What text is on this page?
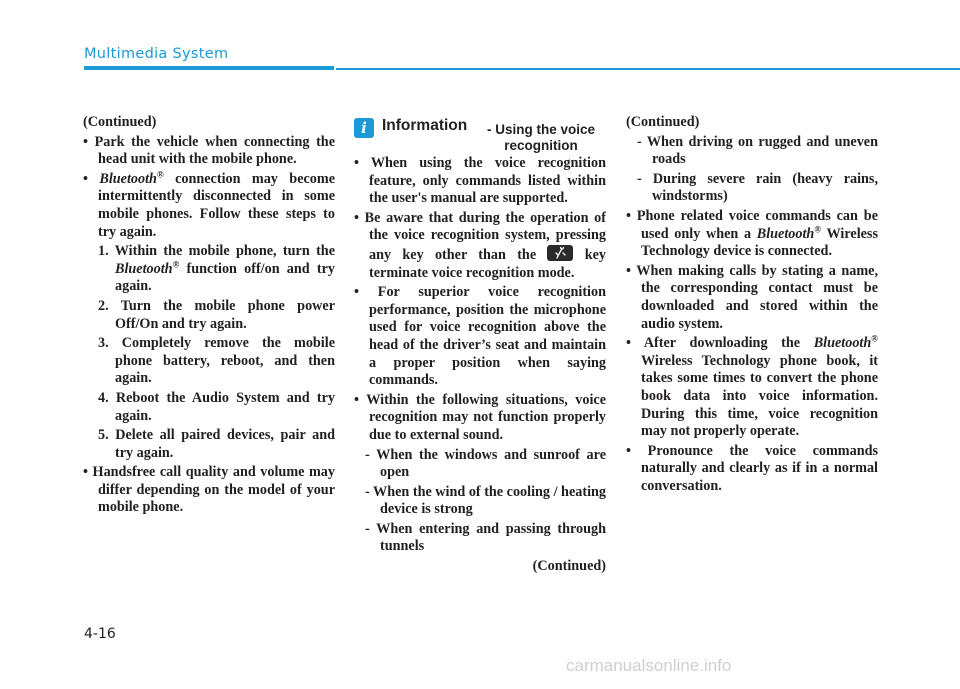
Multimedia System

(Continued)

• Park the vehicle when connecting the head unit with the mobile phone.

• Bluetooth® connection may become intermittently disconnected in some mobile phones. Follow these steps to try again.

1. Within the mobile phone, turn the Bluetooth® function off/on and try again.

2. Turn the mobile phone power Off/On and try again.

3. Completely remove the mobile phone battery, reboot, and then again.

4. Reboot the Audio System and try again.

5. Delete all paired devices, pair and try again.

• Handsfree call quality and volume may differ depending on the model of your mobile phone.

i Information	- Using the voice recognition

• When using the voice recognition feature, only commands listed within the user's manual are supported.

• Be aware that during the operation of the voice recognition system, pressing any key other than the
key terminate voice recognition mode.

• For superior voice recognition performance, position the microphone used for voice recognition above the head of the driver’s seat and maintain a proper position when saying commands.

• Within the following situations, voice recognition may not function properly due to external sound.

- When the windows and sunroof are open

- When the wind of the cooling / heating device is strong

- When entering and passing through tunnels

(Continued)

(Continued)

- When driving on rugged and uneven roads

- During severe rain (heavy rains, windstorms)

• Phone related voice commands can be used only when a Bluetooth® Wireless Technology device is connected.

• When making calls by stating a name, the corresponding contact must be downloaded and stored within the audio system.

• After downloading the Bluetooth® Wireless Technology phone book, it takes some times to convert the phone book data into voice information. During this time, voice recognition may not properly operate.

• Pronounce the voice commands naturally and clearly as if in a normal conversation.

4-16
carmanualsonline.info
